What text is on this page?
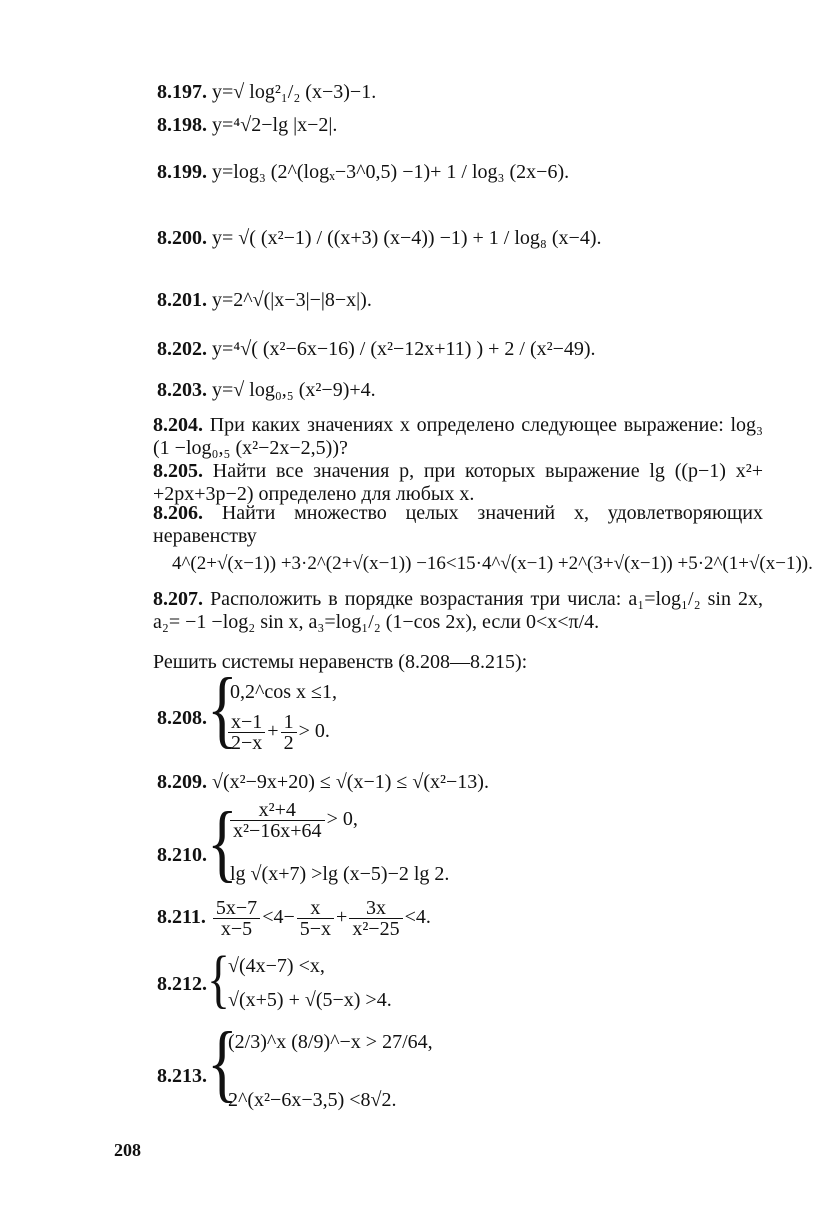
8.197. y=√ log²₁/₂ (x−3)−1.
8.198. y=⁴√2−lg |x−2|.
8.199. y=log₃ (2^(logₓ−3^0,5) −1)+ 1 / log₃ (2x−6).
8.200. y= √( (x²−1) / ((x+3) (x−4)) −1) + 1 / log₈ (x−4).
8.201. y=2^√(|x−3|−|8−x|).
8.202. y=⁴√( (x²−6x−16) / (x²−12x+11) ) + 2 / (x²−49).
8.203. y=√ log₀,₅ (x²−9)+4.
8.204. При каких значениях x определено следующее выражение: log₃ (1 −log₀,₅ (x²−2x−2,5))?
8.205. Найти все значения p, при которых выражение lg ((p−1) x²+ +2px+3p−2) определено для любых x.
8.206. Найти множество целых значений x, удовлетворяющих неравенству
4^(2+√(x−1)) +3·2^(2+√(x−1)) −16<15·4^√(x−1) +2^(3+√(x−1)) +5·2^(1+√(x−1)).
8.207. Расположить в порядке возрастания три числа: a₁=log₁/₂ sin 2x, a₂= −1 −log₂ sin x, a₃=log₁/₂ (1−cos 2x), если 0<x<π/4.
Решить системы неравенств (8.208—8.215):
8.208. {
0,2^cos x ≤1,
$\frac{x-1}{2-x} + \frac{1}{2} > 0$.
8.209. √(x²−9x+20) ≤ √(x−1) ≤ √(x²−13).
8.210. {
$\frac{\text{x²+4}}{\text{x²−16x+64}} > 0$,
lg √(x+7) >lg (x−5)−2 lg 2.
8.211. $\frac{5x-7}{x-5} <4- \frac{x}{5-x} + \frac{3x}{\text{x²−25}} <4$.
8.212. {
√(4x−7) <x,
√(x+5) + √(5−x) >4.
8.213. {
(2/3)^x (8/9)^−x > 27/64,
2^(x²−6x−3,5) <8√2.
208
